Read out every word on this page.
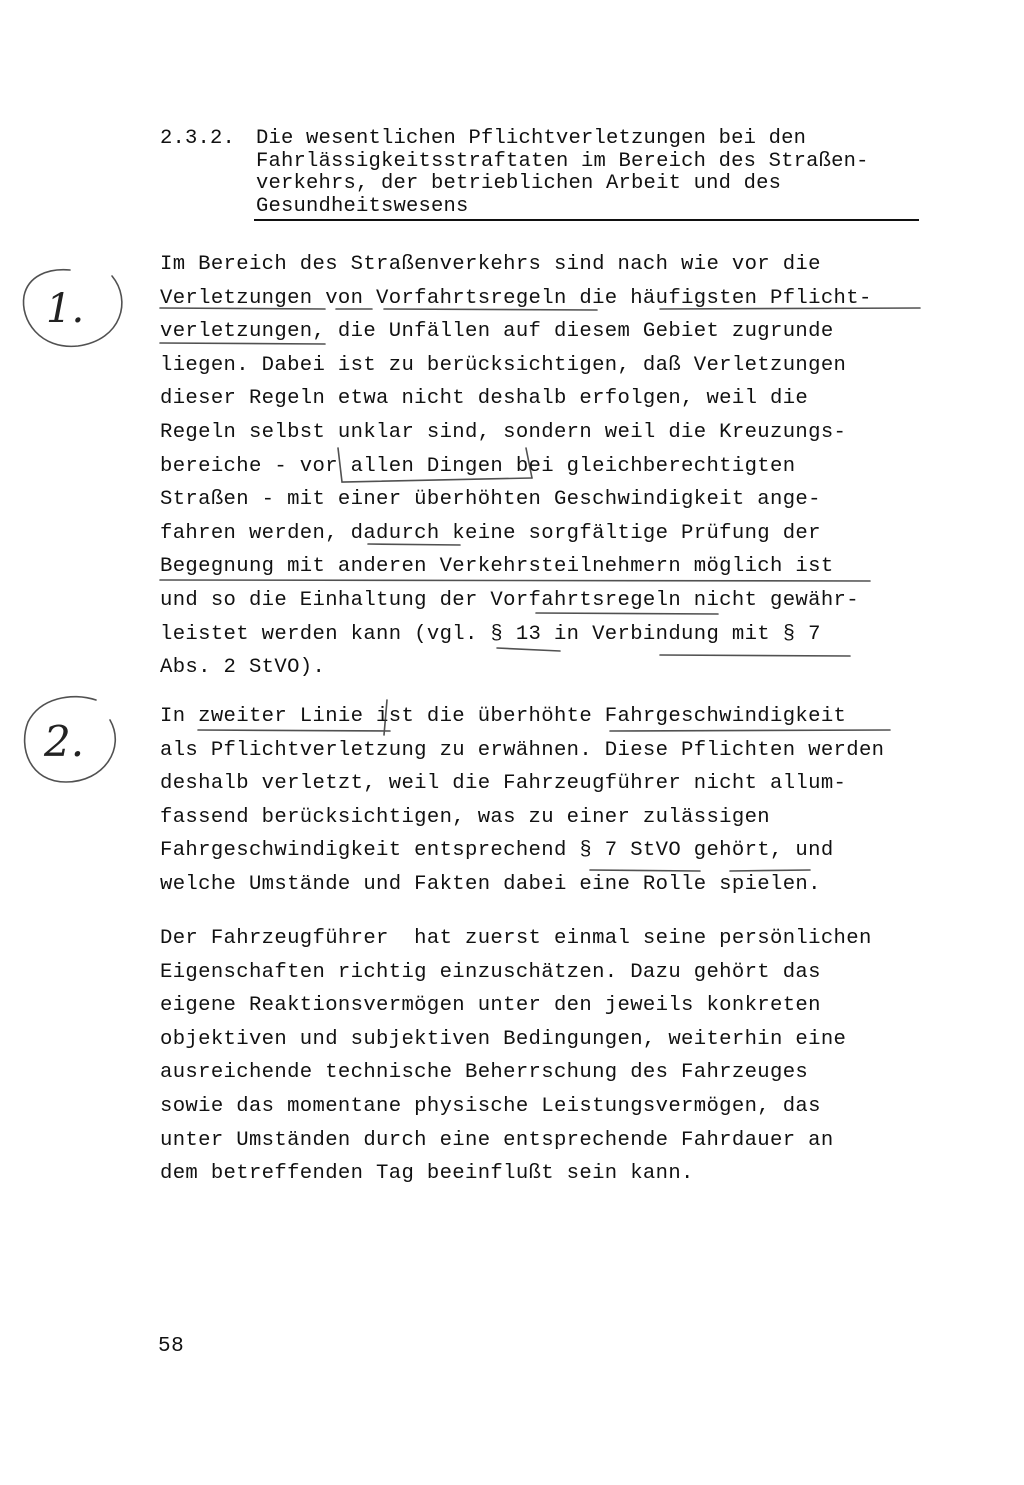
2.3.2. Die wesentlichen Pflichtverletzungen bei den
Fahrlässigkeitsstraftaten im Bereich des Straßen-
verkehrs, der betrieblichen Arbeit und des
Gesundheitswesens
Im Bereich des Straßenverkehrs sind nach wie vor die
Verletzungen von Vorfahrtsregeln die häufigsten Pflicht-
verletzungen, die Unfällen auf diesem Gebiet zugrunde
liegen. Dabei ist zu berücksichtigen, daß Verletzungen
dieser Regeln etwa nicht deshalb erfolgen, weil die
Regeln selbst unklar sind, sondern weil die Kreuzungs-
bereiche - vor allen Dingen bei gleichberechtigten
Straßen - mit einer überhöhten Geschwindigkeit ange-
fahren werden, dadurch keine sorgfältige Prüfung der
Begegnung mit anderen Verkehrsteilnehmern möglich ist
und so die Einhaltung der Vorfahrtsregeln nicht gewähr-
leistet werden kann (vgl. § 13 in Verbindung mit § 7
Abs. 2 StVO).
In zweiter Linie ist die überhöhte Fahrgeschwindigkeit
als Pflichtverletzung zu erwähnen. Diese Pflichten werden
deshalb verletzt, weil die Fahrzeugführer nicht allum-
fassend berücksichtigen, was zu einer zulässigen
Fahrgeschwindigkeit entsprechend § 7 StVO gehört, und
welche Umstände und Fakten dabei eine Rolle spielen.
Der Fahrzeugführer  hat zuerst einmal seine persönlichen
Eigenschaften richtig einzuschätzen. Dazu gehört das
eigene Reaktionsvermögen unter den jeweils konkreten
objektiven und subjektiven Bedingungen, weiterhin eine
ausreichende technische Beherrschung des Fahrzeuges
sowie das momentane physische Leistungsvermögen, das
unter Umständen durch eine entsprechende Fahrdauer an
dem betreffenden Tag beeinflußt sein kann.
58
1.
2.
